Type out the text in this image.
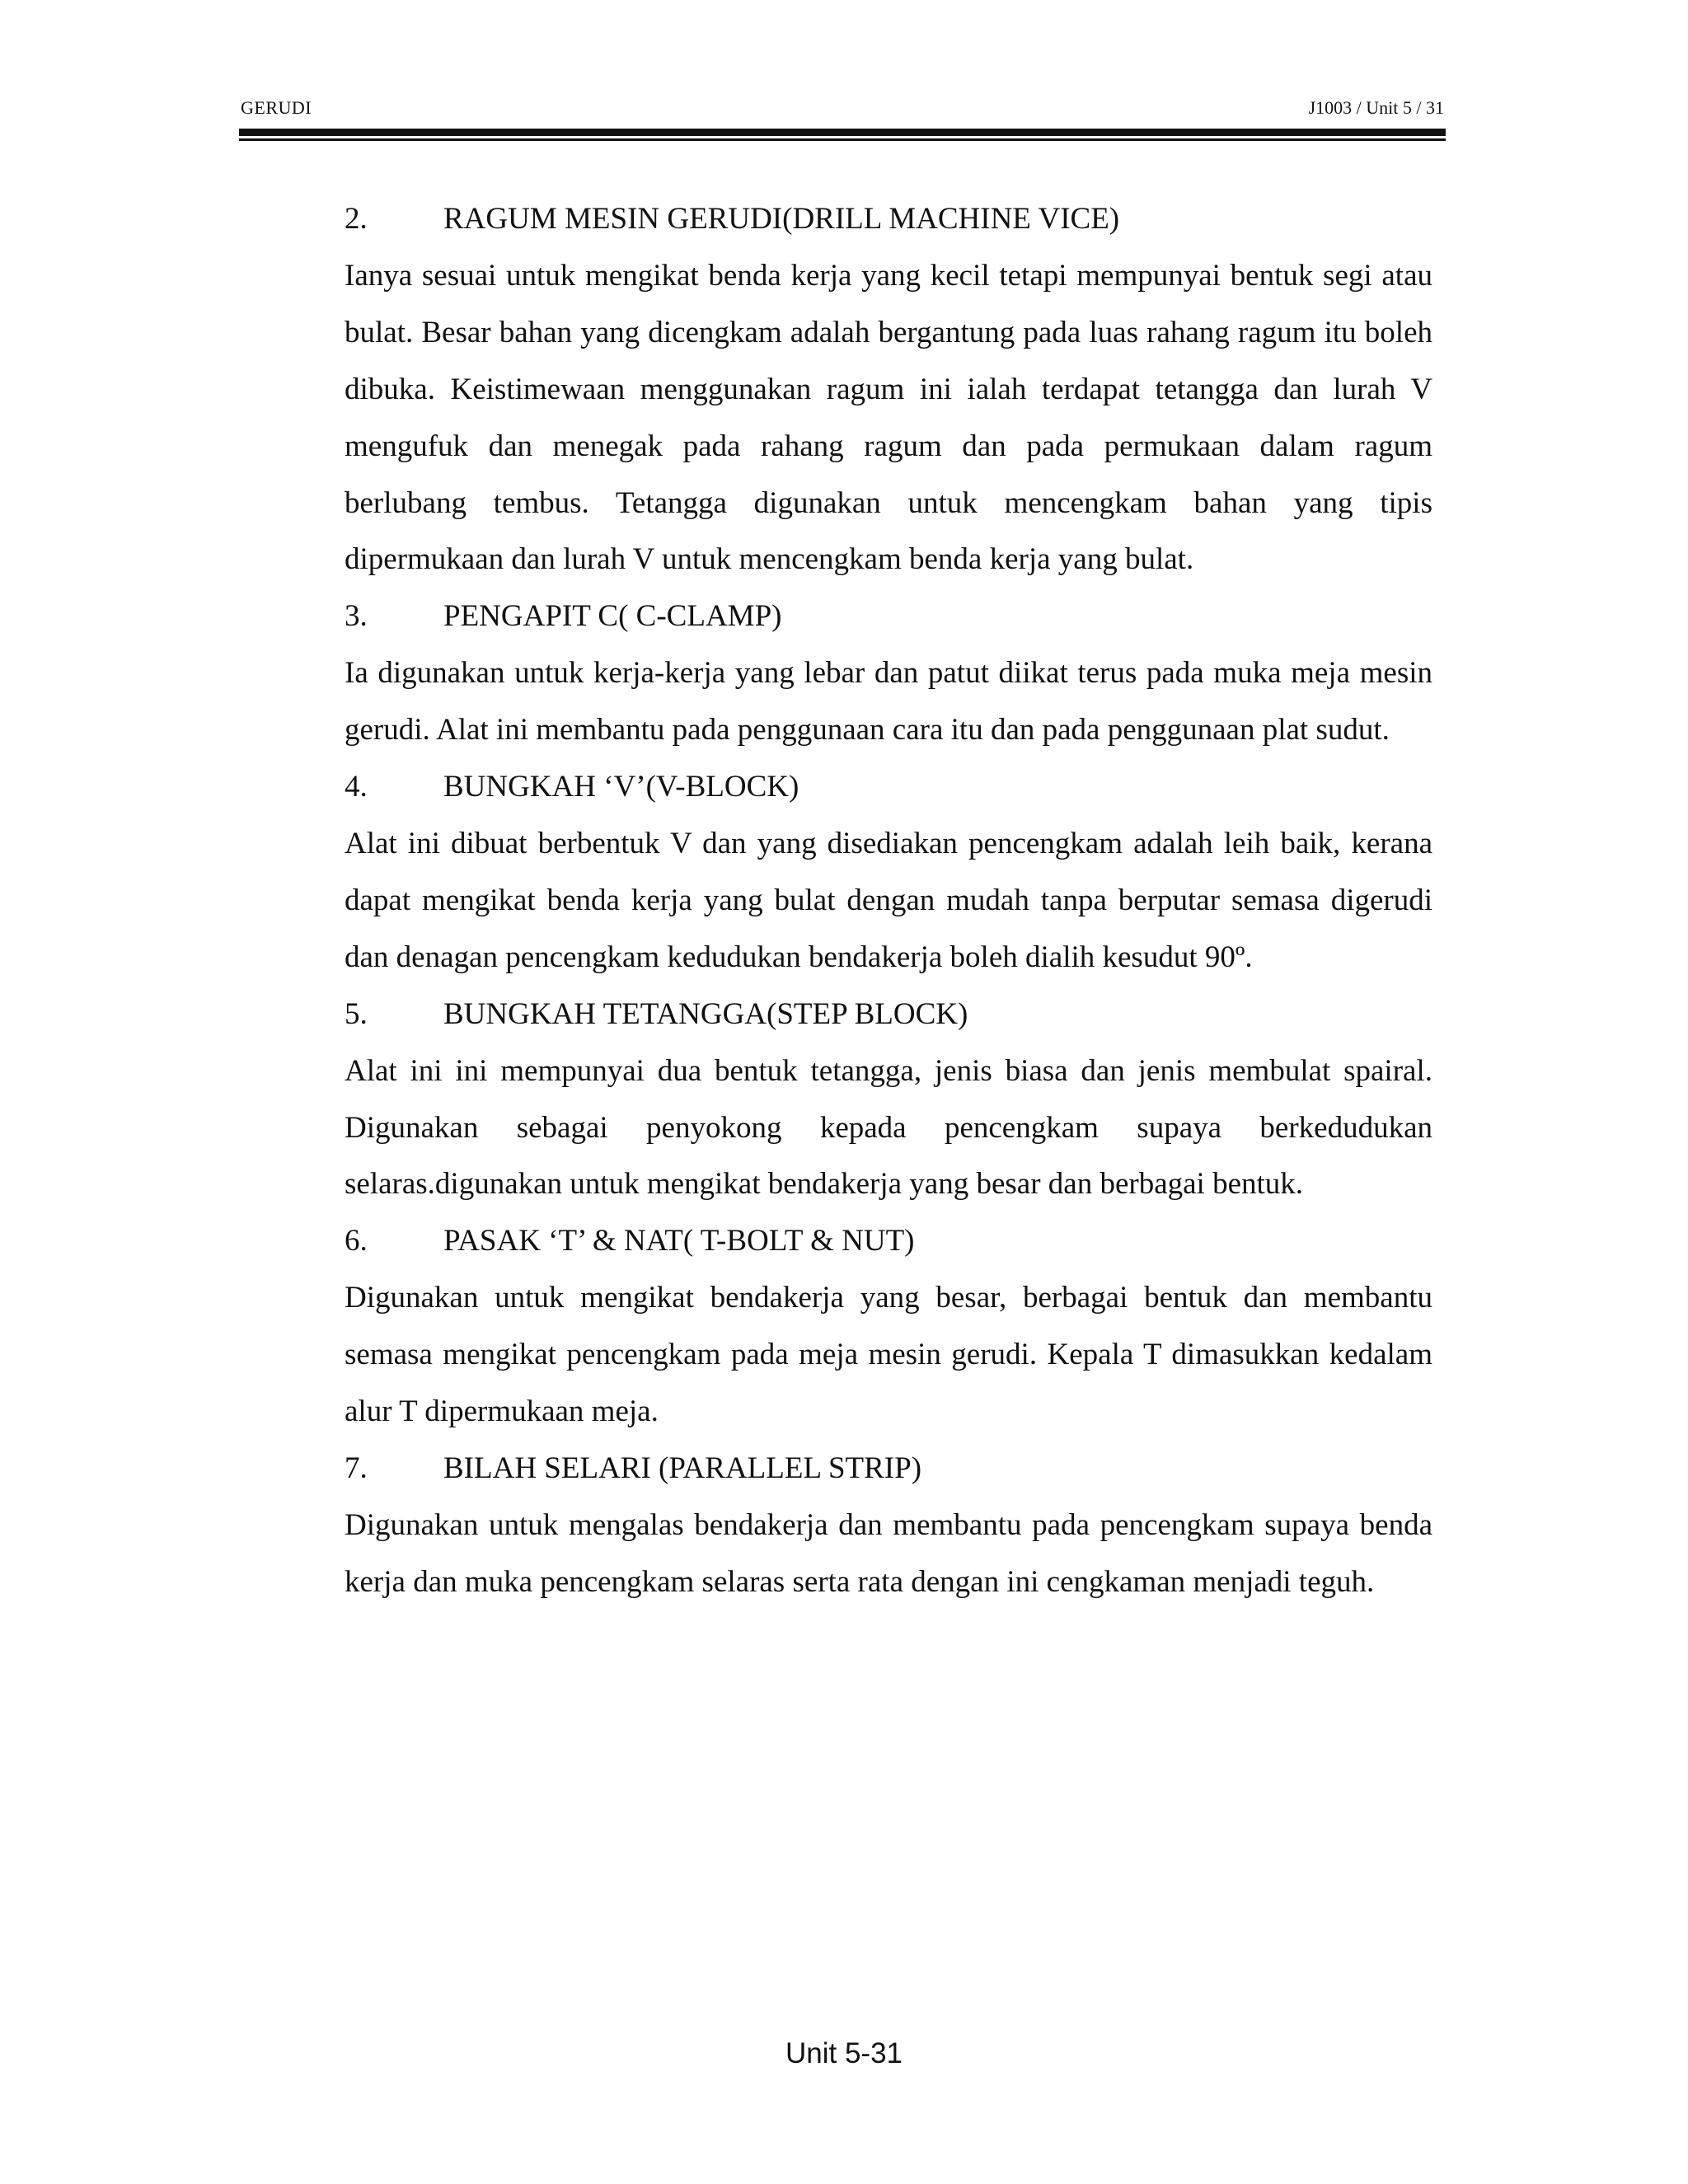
GERUDI	J1003 / Unit 5 / 31
2.	RAGUM MESIN GERUDI(DRILL MACHINE VICE)

Ianya sesuai untuk mengikat benda kerja yang kecil tetapi mempunyai bentuk segi atau bulat. Besar bahan yang dicengkam adalah bergantung pada luas rahang ragum itu boleh dibuka. Keistimewaan menggunakan ragum ini ialah terdapat tetangga dan lurah V mengufuk dan menegak pada rahang ragum dan pada permukaan dalam ragum berlubang tembus. Tetangga digunakan untuk mencengkam bahan yang tipis dipermukaan dan lurah V untuk mencengkam benda kerja yang bulat.

3.	PENGAPIT C( C-CLAMP)

Ia digunakan untuk kerja-kerja yang lebar dan patut diikat terus pada muka meja mesin gerudi. Alat ini membantu pada penggunaan cara itu dan pada penggunaan plat sudut.

4.	BUNGKAH ‘V’(V-BLOCK)

Alat ini dibuat berbentuk V dan yang disediakan pencengkam adalah leih baik, kerana dapat mengikat benda kerja yang bulat dengan mudah tanpa berputar semasa digerudi dan denagan pencengkam kedudukan bendakerja boleh dialih kesudut 90º.

5.	BUNGKAH TETANGGA(STEP BLOCK)

Alat ini ini mempunyai dua bentuk tetangga, jenis biasa dan jenis membulat spairal. Digunakan sebagai penyokong kepada pencengkam supaya berkedudukan selaras.digunakan untuk mengikat bendakerja yang besar dan berbagai bentuk.

6.	PASAK ‘T’ & NAT( T-BOLT & NUT)

Digunakan untuk mengikat bendakerja yang besar, berbagai bentuk dan membantu semasa mengikat pencengkam pada meja mesin gerudi. Kepala T dimasukkan kedalam alur T dipermukaan meja.

7.	BILAH SELARI (PARALLEL STRIP)

Digunakan untuk mengalas bendakerja dan membantu pada pencengkam supaya benda kerja dan muka pencengkam selaras serta rata dengan ini cengkaman menjadi teguh.

Unit 5-31
